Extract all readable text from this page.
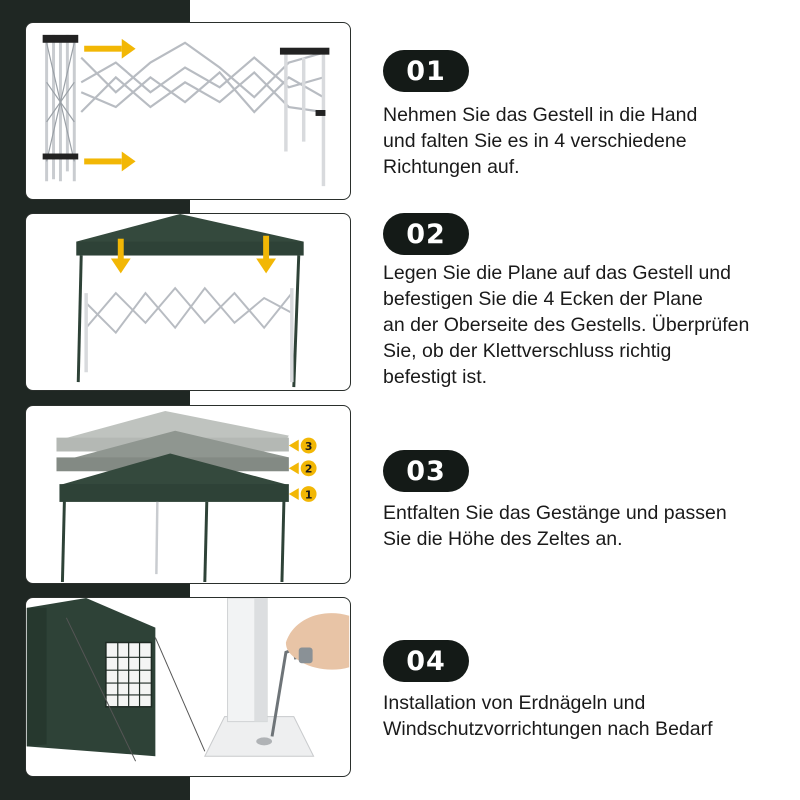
3
2
1
01
02
03
04
Nehmen Sie das Gestell in die Hand
und falten Sie es in 4 verschiedene
Richtungen auf.
Legen Sie die Plane auf das Gestell und
befestigen Sie die 4 Ecken der Plane
an der Oberseite des Gestells. Überprüfen
Sie, ob der Klettverschluss richtig
befestigt ist.
Entfalten Sie das Gestänge und passen
Sie die Höhe des Zeltes an.
Installation von Erdnägeln und
Windschutzvorrichtungen nach Bedarf
